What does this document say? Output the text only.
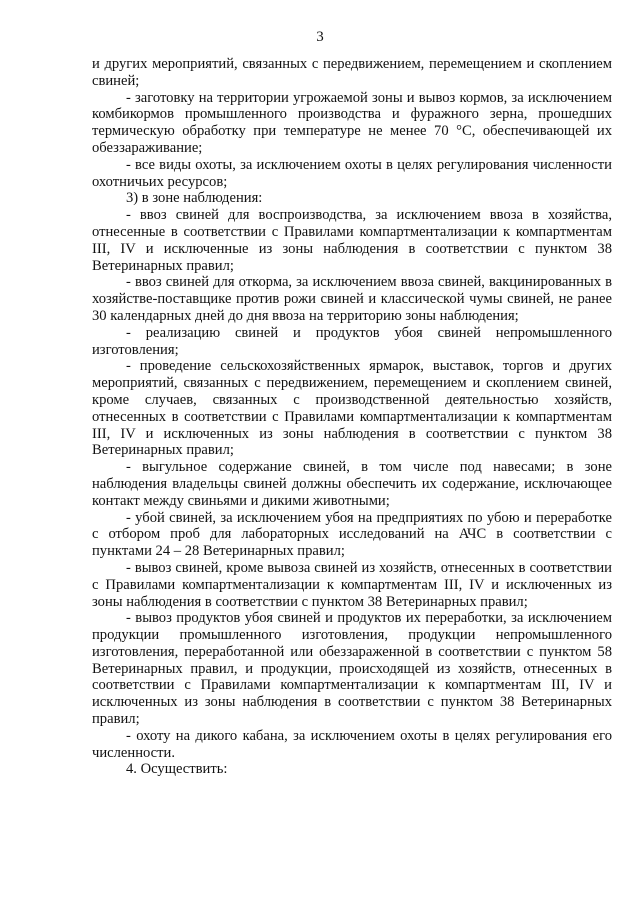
3

и других мероприятий, связанных с передвижением, перемещением и скоплением свиней;

- заготовку на территории угрожаемой зоны и вывоз кормов, за исключением комбикормов промышленного производства и фуражного зерна, прошедших термическую обработку при температуре не менее 70 °С, обеспечивающей их обеззараживание;

- все виды охоты, за исключением охоты в целях регулирования численности охотничьих ресурсов;

3) в зоне наблюдения:

- ввоз свиней для воспроизводства, за исключением ввоза в хозяйства, отнесенные в соответствии с Правилами компартментализации к компартментам III, IV и исключенные из зоны наблюдения в соответствии с пунктом 38 Ветеринарных правил;

- ввоз свиней для откорма, за исключением ввоза свиней, вакцинированных в хозяйстве-поставщике против рожи свиней и классической чумы свиней, не ранее 30 календарных дней до дня ввоза на территорию зоны наблюдения;

- реализацию свиней и продуктов убоя свиней непромышленного изготовления;

- проведение сельскохозяйственных ярмарок, выставок, торгов и других мероприятий, связанных с передвижением, перемещением и скоплением свиней, кроме случаев, связанных с производственной деятельностью хозяйств, отнесенных в соответствии с Правилами компартментализации к компартментам III, IV и исключенных из зоны наблюдения в соответствии с пунктом 38 Ветеринарных правил;

- выгульное содержание свиней, в том числе под навесами; в зоне наблюдения владельцы свиней должны обеспечить их содержание, исключающее контакт между свиньями и дикими животными;

- убой свиней, за исключением убоя на предприятиях по убою и переработке с отбором проб для лабораторных исследований на АЧС в соответствии с пунктами 24 – 28 Ветеринарных правил;

- вывоз свиней, кроме вывоза свиней из хозяйств, отнесенных в соответствии с Правилами компартментализации к компартментам III, IV и исключенных из зоны наблюдения в соответствии с пунктом 38 Ветеринарных правил;

- вывоз продуктов убоя свиней и продуктов их переработки, за исключением продукции промышленного изготовления, продукции непромышленного изготовления, переработанной или обеззараженной в соответствии с пунктом 58 Ветеринарных правил, и продукции, происходящей из хозяйств, отнесенных в соответствии с Правилами компартментализации к компартментам III, IV и исключенных из зоны наблюдения в соответствии с пунктом 38 Ветеринарных правил;

- охоту на дикого кабана, за исключением охоты в целях регулирования его численности.

4. Осуществить:
